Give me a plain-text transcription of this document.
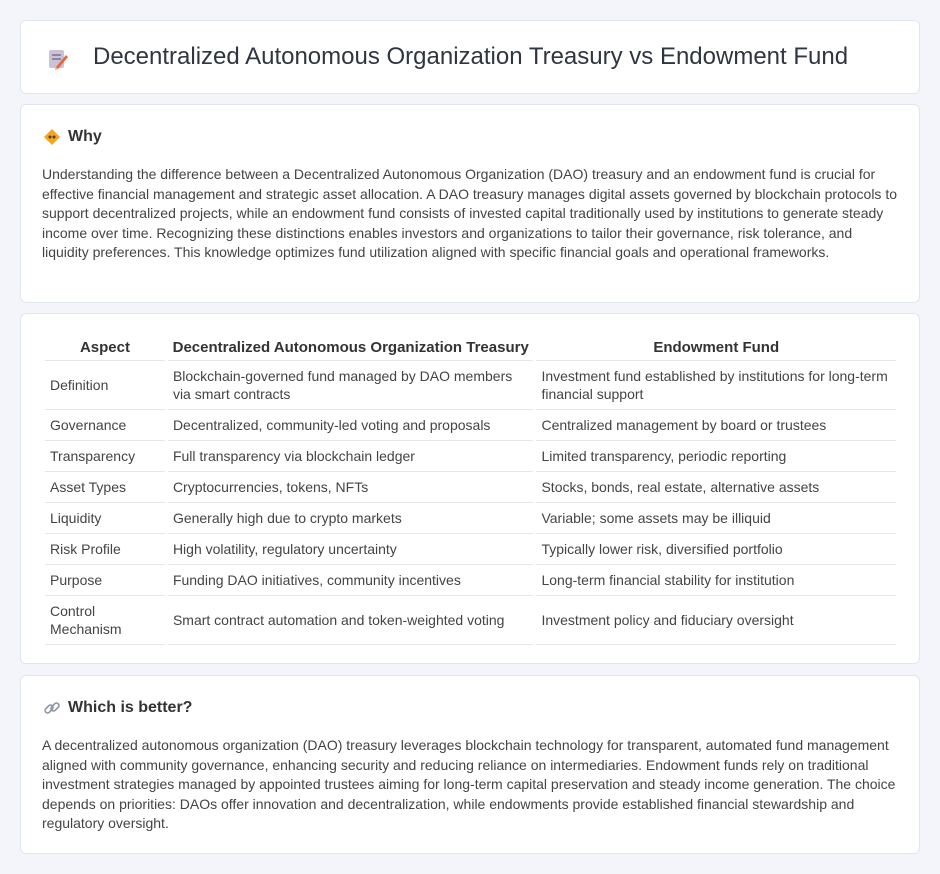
Decentralized Autonomous Organization Treasury vs Endowment Fund
Why

Understanding the difference between a Decentralized Autonomous Organization (DAO) treasury and an endowment fund is crucial for effective financial management and strategic asset allocation. A DAO treasury manages digital assets governed by blockchain protocols to support decentralized projects, while an endowment fund consists of invested capital traditionally used by institutions to generate steady income over time. Recognizing these distinctions enables investors and organizations to tailor their governance, risk tolerance, and liquidity preferences. This knowledge optimizes fund utilization aligned with specific financial goals and operational frameworks.

Aspect	Decentralized Autonomous Organization Treasury	Endowment Fund
Definition	Blockchain-governed fund managed by DAO members via smart contracts	Investment fund established by institutions for long-term financial support
Governance	Decentralized, community-led voting and proposals	Centralized management by board or trustees
Transparency	Full transparency via blockchain ledger	Limited transparency, periodic reporting
Asset Types	Cryptocurrencies, tokens, NFTs	Stocks, bonds, real estate, alternative assets
Liquidity	Generally high due to crypto markets	Variable; some assets may be illiquid
Risk Profile	High volatility, regulatory uncertainty	Typically lower risk, diversified portfolio
Purpose	Funding DAO initiatives, community incentives	Long-term financial stability for institution
Control Mechanism	Smart contract automation and token-weighted voting	Investment policy and fiduciary oversight
Which is better?

A decentralized autonomous organization (DAO) treasury leverages blockchain technology for transparent, automated fund management aligned with community governance, enhancing security and reducing reliance on intermediaries. Endowment funds rely on traditional investment strategies managed by appointed trustees aiming for long-term capital preservation and steady income generation. The choice depends on priorities: DAOs offer innovation and decentralization, while endowments provide established financial stewardship and regulatory oversight.
